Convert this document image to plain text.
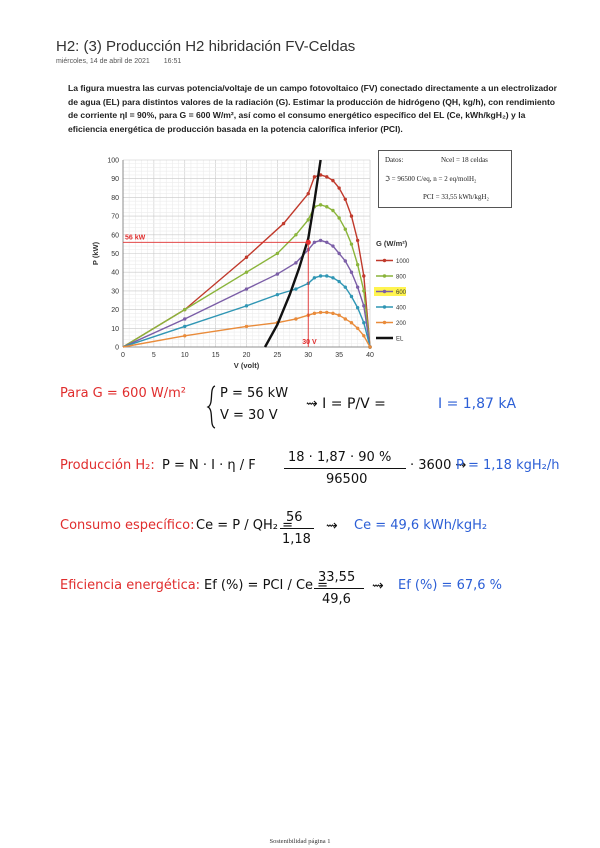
H2: (3) Producción H2 hibridación FV-Celdas
miércoles, 14 de abril de 2021 16:51

La figura muestra las curvas potencia/voltaje de un campo fotovoltaico (FV) conectado directamente a un electrolizador

de agua (EL) para distintos valores de la radiación (G). Estimar la producción de hidrógeno (QH, kg/h), con rendimiento

de corriente ηI = 90%, para G = 600 W/m², así como el consumo energético específico del EL (Ce, kWh/kgH₂) y la

eficiencia energética de producción basada en la potencia calorífica inferior (PCI).

0	5	10	15	20	25	30	35	40
0
10
20
30
40
50
60
70
80
90
100
V (volt)
P (kW)
56 kW
30 V
G (W/m²)
1000
800
600
400
200
EL
Datos:	Ncel = 18 celdas
ℑ = 96500 C/eq, n = 2 eq/molH₂
PCI = 33,55 kWh/kgH₂
Para G = 600 W/m²	P = 56 kW
V = 30 V
⇝ I = P/V =	I = 1,87 kA
Producción H₂: P = N · I · η / F
18 · 1,87 · 90 %
96500
· 3600 ⇝
P = 1,18 kgH₂/h
Consumo específico: Ce = P / QH₂ =
56
1,18
⇝ Ce = 49,6 kWh/kgH₂
Eficiencia energética: Ef (%) = PCI / Ce =
33,55
49,6
⇝ Ef (%) = 67,6 %
Sostenibilidad página 1
